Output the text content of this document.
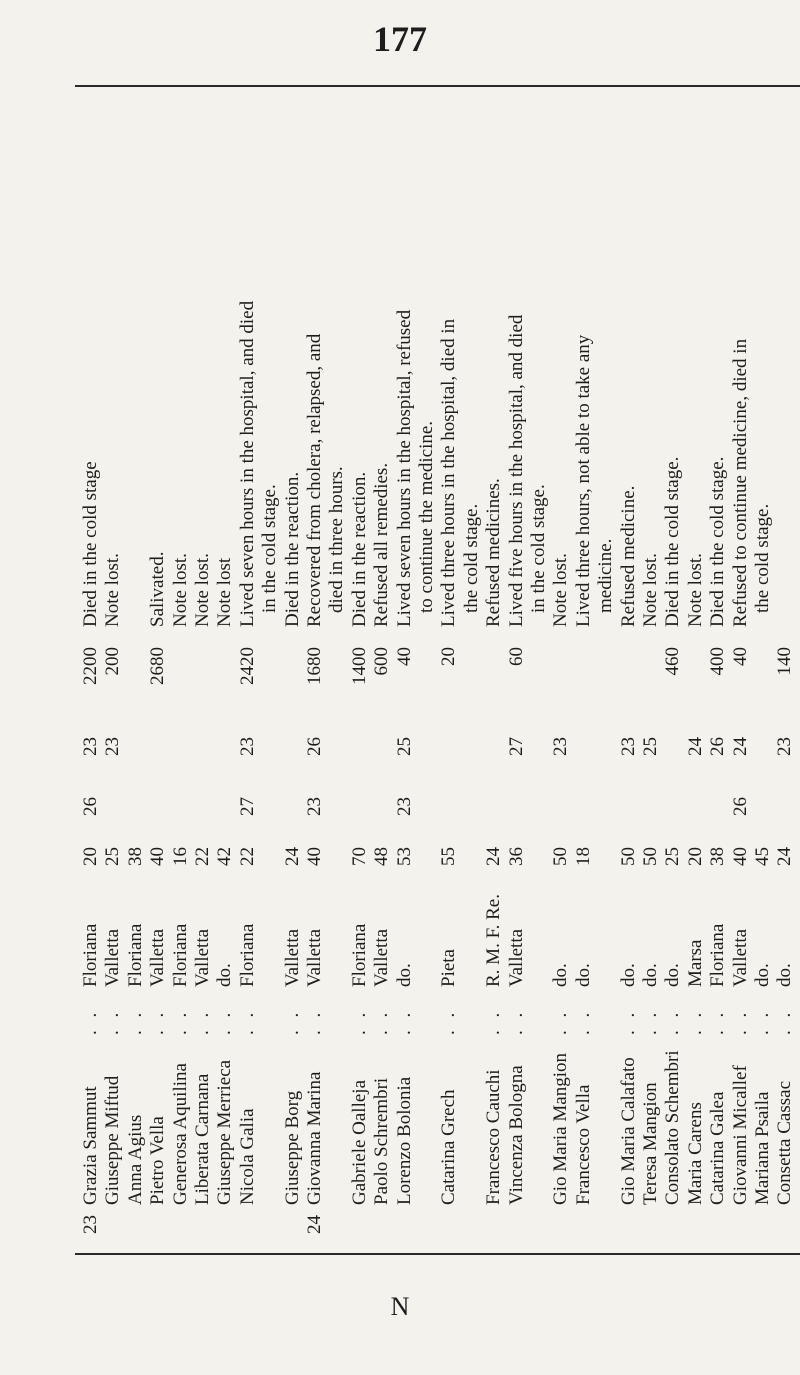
177
23
Grazia Sammut
. .
Floriana
20
26
23
2200
Died in the cold stage
Giuseppe Miftud
. .
Valletta
25
23
200
Note lost.
Anna Agius
. .
Floriana
38
Pietro Vella
. .
Valletta
40
2680
Salivated.
Generosa Aquilina
. .
Floriana
16
Note lost.
Liberata Carnana
. .
Valletta
22
Note lost.
Giuseppe Merrieca
. .
do.
42
Note lost
Nicola Galia
. .
Floriana
22
27
23
2420
Lived seven hours in the hospital, and died in the cold stage.
Giuseppe Borg
. .
Valletta
24
Died in the reaction.
24
Giovanna Marina
. .
Valletta
40
23
26
1680
Recovered from cholera, relapsed, and died in three hours.
Gabriele Oalleja
. .
Floriana
70
1400
Died in the reaction.
Paolo Schrembri
. .
Valletta
48
600
Refused all remedies.
Lorenzo Bolonia
. .
do.
53
23
25
40
Lived seven hours in the hospital, refused to continue the medicine.
Catarina Grech
. .
Pieta
55
20
Lived three hours in the hospital, died in the cold stage.
Francesco Cauchi
. .
R. M. F. Re.
24
Refused medicines.
Vincenza Bologna
. .
Valletta
36
27
60
Lived five hours in the hospital, and died in the cold stage.
Gio Maria Mangion
. .
do.
50
23
Note lost.
Francesco Vella
. .
do.
18
Lived three hours, not able to take any medicine.
Gio Maria Calafato
. .
do.
50
23
Refused medicine.
Teresa Mangion
. .
do.
50
25
Note lost.
Consolato Schembri
. .
do.
25
460
Died in the cold stage.
Maria Carens
. .
Marsa
20
24
Note lost.
Catarina Galea
. .
Floriana
38
26
400
Died in the cold stage.
Giovanni Micallef
. .
Valletta
40
26
24
40
Refused to continue medicine, died in
Mariana Psaila
. .
do.
45
the cold stage.
Consetta Cassac
. .
do.
24
23
140
N
